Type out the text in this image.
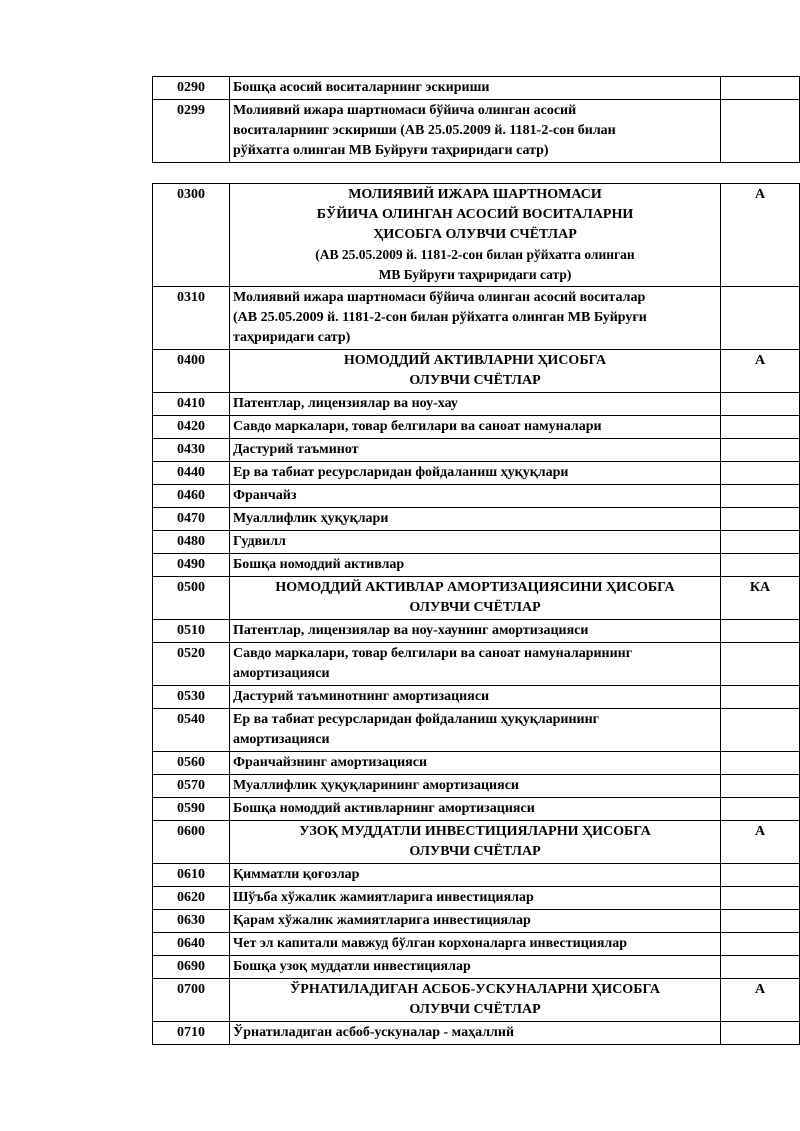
0290	Бошқа асосий воситаларнинг эскириши	

0299	Молиявий ижара шартномаси бўйича олинган асосий
воситаларнинг эскириши (АВ 25.05.2009 й. 1181-2-сон билан
рўйхатга олинган МВ Буйруғи таҳриридаги сатр)	

0300	МОЛИЯВИЙ ИЖАРА ШАРТНОМАСИ
БЎЙИЧА ОЛИНГАН АСОСИЙ ВОСИТАЛАРНИ
ҲИСОБГА ОЛУВЧИ СЧЁТЛАР
(АВ 25.05.2009 й. 1181-2-сон билан рўйхатга олинган
МВ Буйруғи таҳриридаги сатр)	А
0310	Молиявий ижара шартномаси бўйича олинган асосий воситалар
(АВ 25.05.2009 й. 1181-2-сон билан рўйхатга олинган МВ Буйруғи
таҳриридаги сатр)	

0400	НОМОДДИЙ АКТИВЛАРНИ ҲИСОБГА
ОЛУВЧИ СЧЁТЛАР	А
0410	Патентлар, лицензиялар ва ноу-хау	

0420	Савдо маркалари, товар белгилари ва саноат намуналари	

0430	Дастурий таъминот	

0440	Ер ва табиат ресурсларидан фойдаланиш ҳуқуқлари	

0460	Франчайз	

0470	Муаллифлик ҳуқуқлари	

0480	Гудвилл	

0490	Бошқа номоддий активлар	

0500	НОМОДДИЙ АКТИВЛАР АМОРТИЗАЦИЯСИНИ ҲИСОБГА
ОЛУВЧИ СЧЁТЛАР	КА
0510	Патентлар, лицензиялар ва ноу-хаунинг амортизацияси	

0520	Савдо маркалари, товар белгилари ва саноат намуналарининг
амортизацияси	

0530	Дастурий таъминотнинг амортизацияси	

0540	Ер ва табиат ресурсларидан фойдаланиш ҳуқуқларининг
амортизацияси	

0560	Франчайзнинг амортизацияси	

0570	Муаллифлик ҳуқуқларининг амортизацияси	

0590	Бошқа номоддий активларнинг амортизацияси	

0600	УЗОҚ МУДДАТЛИ ИНВЕСТИЦИЯЛАРНИ ҲИСОБГА
ОЛУВЧИ СЧЁТЛАР	А
0610	Қимматли қоғозлар	

0620	Шўъба хўжалик жамиятларига инвестициялар	

0630	Қарам хўжалик жамиятларига инвестициялар	

0640	Чет эл капитали мавжуд бўлган корхоналарга инвестициялар	

0690	Бошқа узоқ муддатли инвестициялар	

0700	ЎРНАТИЛАДИГАН АСБОБ-УСКУНАЛАРНИ ҲИСОБГА
ОЛУВЧИ СЧЁТЛАР	А
0710	Ўрнатиладиган асбоб-ускуналар - маҳаллий	
